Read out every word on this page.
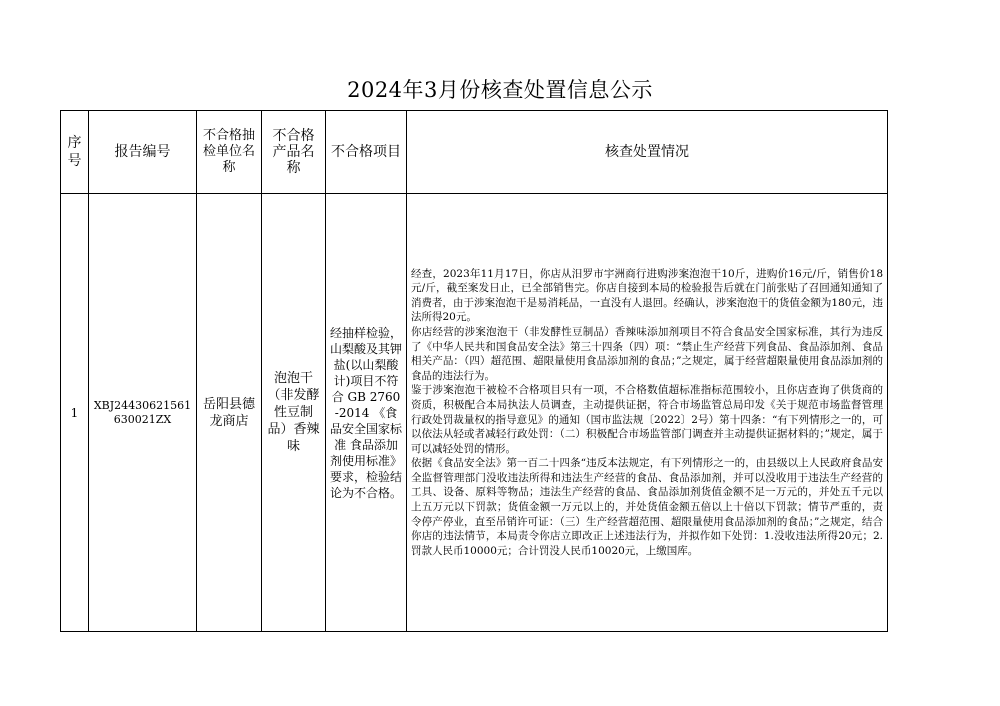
2024年3月份核查处置信息公示
序号	报告编号	不合格抽检单位名称	不合格产品名称	不合格项目	核查处置情况
1	XBJ24430621561630021ZX	岳阳县德龙商店	泡泡干（非发酵性豆制品）香辣味	经抽样检验，山梨酸及其钾盐(以山梨酸计)项目不符合 GB 2760-2014 《食品安全国家标准 食品添加剂使用标准》 要求，检验结论为不合格。	经查，2023年11月17日，你店从汨罗市宇洲商行进购涉案泡泡干10斤，进购价16元/斤，销售价18元/斤，截至案发日止，已全部销售完。你店自接到本局的检验报告后就在门前张贴了召回通知通知了消费者，由于涉案泡泡干是易消耗品，一直没有人退回。经确认，涉案泡泡干的货值金额为180元，违法所得20元。

你店经营的涉案泡泡干（非发酵性豆制品）香辣味添加剂项目不符合食品安全国家标准，其行为违反了《中华人民共和国食品安全法》第三十四条（四）项：“禁止生产经营下列食品、食品添加剂、食品相关产品：（四）超范围、超限量使用食品添加剂的食品；”之规定，属于经营超限量使用食品添加剂的食品的违法行为。

鉴于涉案泡泡干被检不合格项目只有一项，不合格数值超标准指标范围较小，且你店查询了供货商的资质，积极配合本局执法人员调查，主动提供证据，符合市场监管总局印发《关于规范市场监督管理行政处罚裁量权的指导意见》的通知（国市监法规〔2022〕2号）第十四条：“有下列情形之一的，可以依法从轻或者减轻行政处罚：（二）积极配合市场监管部门调查并主动提供证据材料的；”规定，属于可以减轻处罚的情形。

依据《食品安全法》第一百二十四条“违反本法规定，有下列情形之一的，由县级以上人民政府食品安全监督管理部门没收违法所得和违法生产经营的食品、食品添加剂，并可以没收用于违法生产经营的工具、设备、原料等物品；违法生产经营的食品、食品添加剂货值金额不足一万元的，并处五千元以上五万元以下罚款；货值金额一万元以上的，并处货值金额五倍以上十倍以下罚款；情节严重的，责令停产停业，直至吊销许可证：（三）生产经营超范围、超限量使用食品添加剂的食品；”之规定，结合你店的违法情节，本局责令你店立即改正上述违法行为，并拟作如下处罚：1.没收违法所得20元；2.罚款人民币10000元；合计罚没人民币10020元，上缴国库。
